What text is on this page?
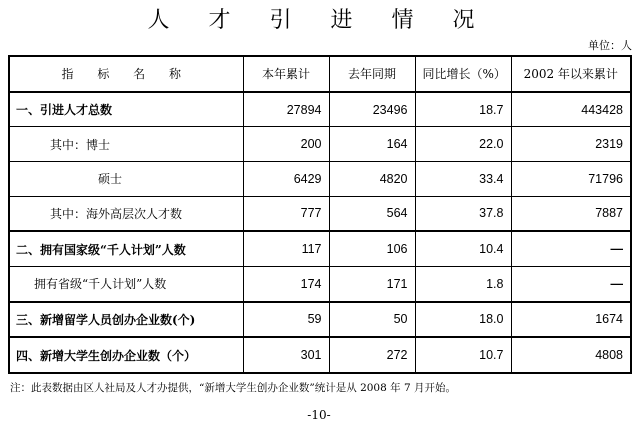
人 才 引 进 情 况
单位：人
指 标 名 称	本年累计	去年同期	同比增长（%）	2002 年以来累计
一、引进人才总数	27894	23496	18.7	443428
其中：博士	200	164	22.0	2319
硕士	6429	4820	33.4	71796
其中：海外高层次人才数	777	564	37.8	7887
二、拥有国家级“千人计划”人数	117	106	10.4	—
拥有省级“千人计划”人数	174	171	1.8	—
三、新增留学人员创办企业数(个)	59	50	18.0	1674
四、新增大学生创办企业数（个）	301	272	10.7	4808
注：此表数据由区人社局及人才办提供，“新增大学生创办企业数”统计是从 2008 年 7 月开始。
-10-
